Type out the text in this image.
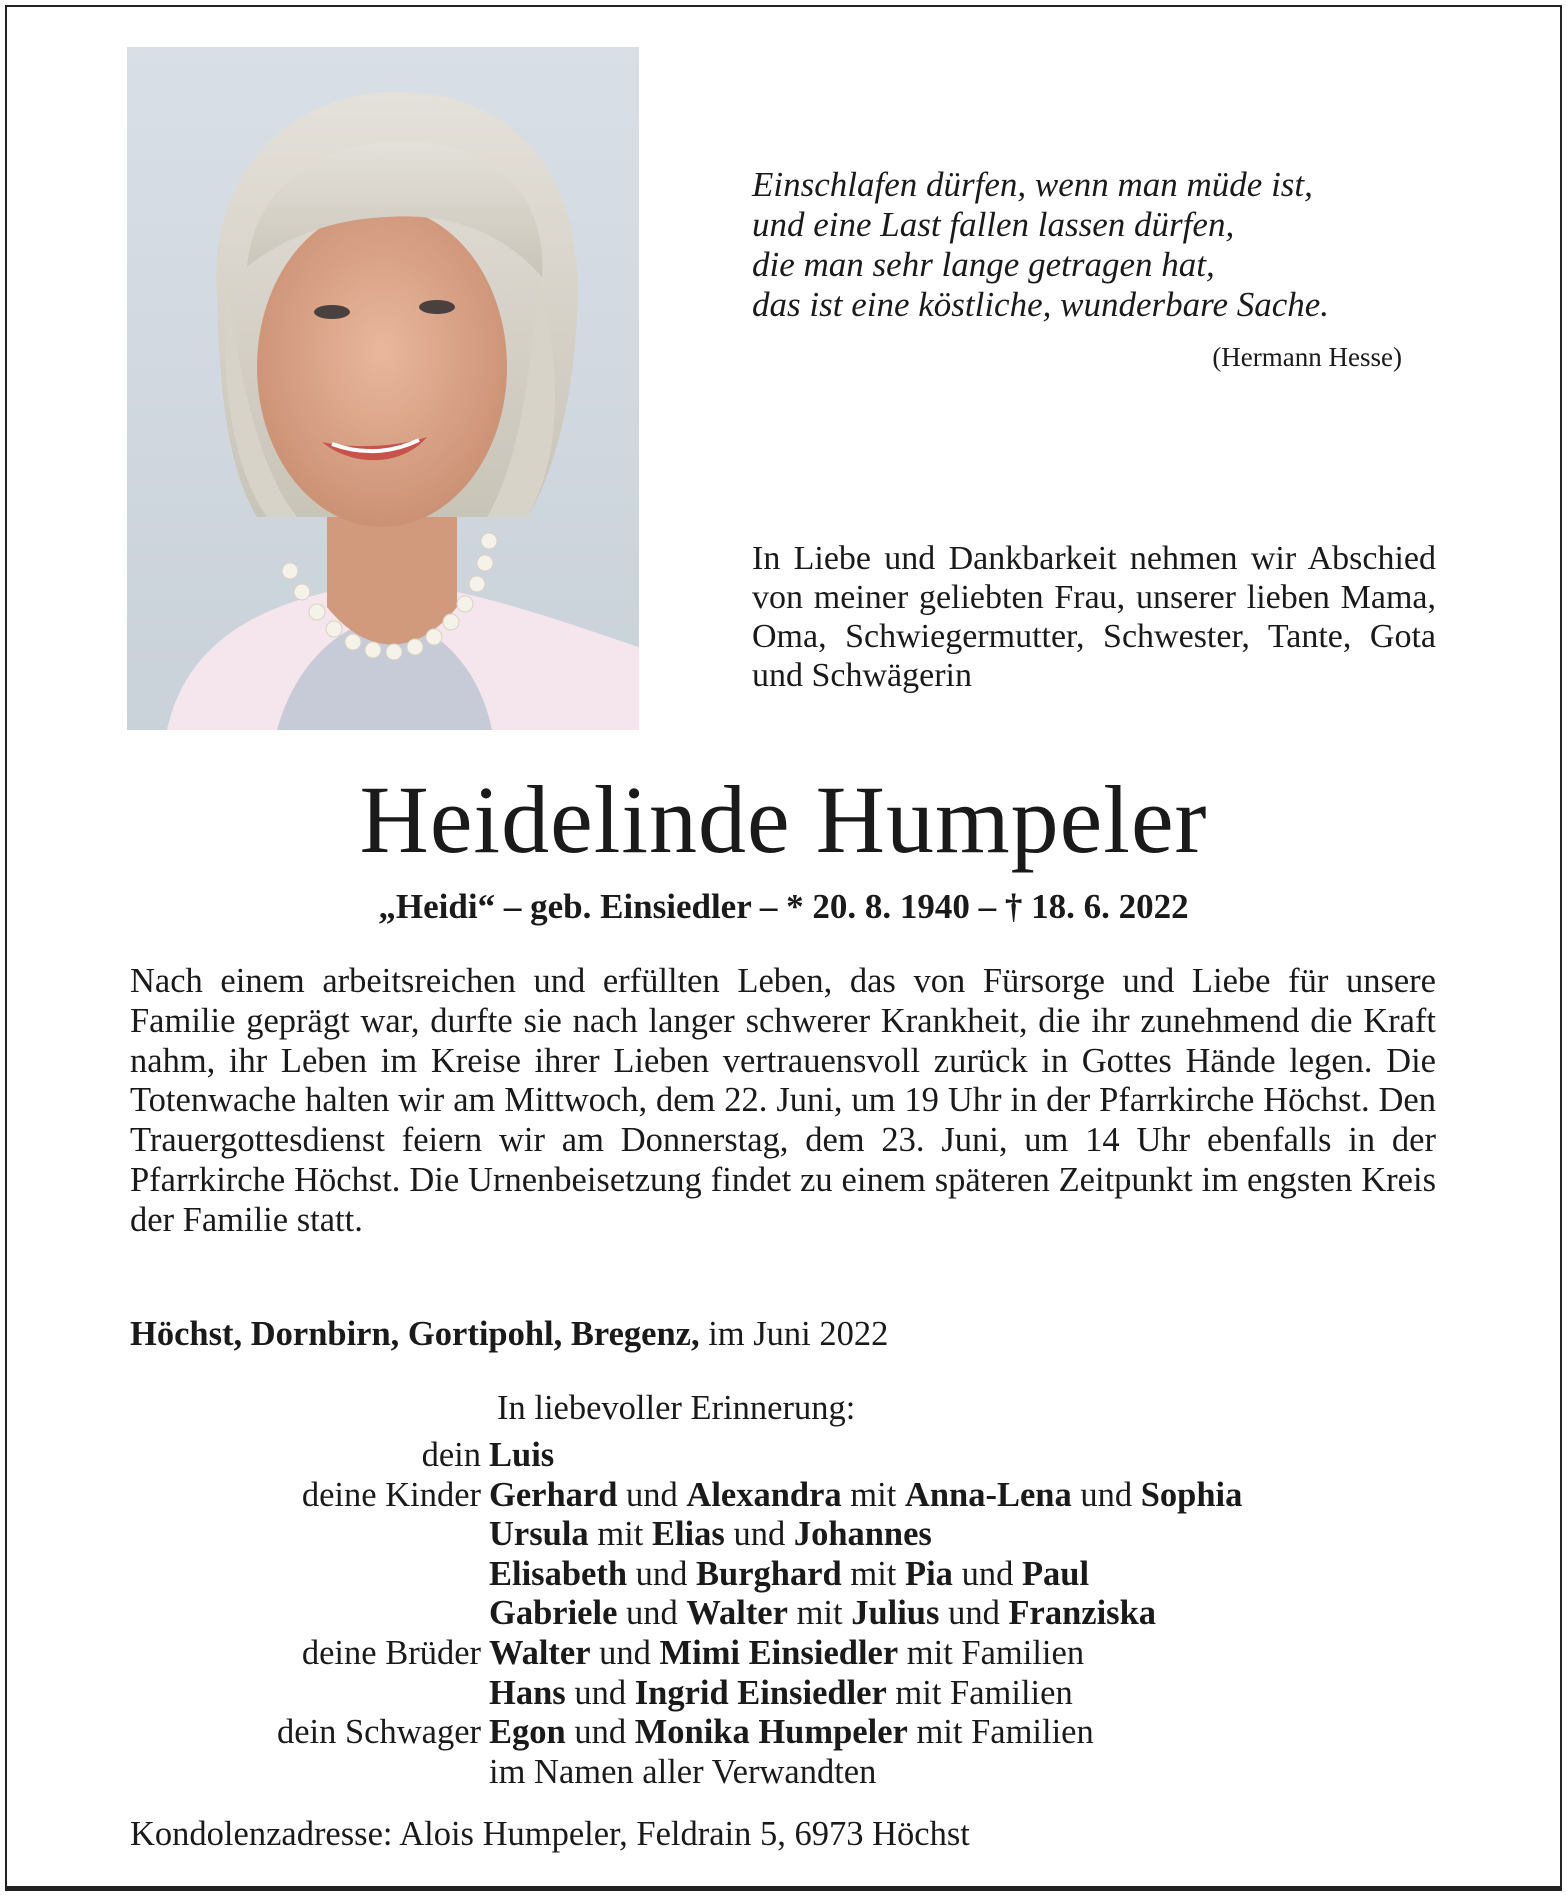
Einschlafen dürfen, wenn man müde ist,
und eine Last fallen lassen dürfen,
die man sehr lange getragen hat,
das ist eine köstliche, wunderbare Sache.
(Hermann Hesse)
In Liebe und Dankbarkeit nehmen wir Abschied von meiner geliebten Frau, unserer lieben Mama, Oma, Schwiegermutter, Schwester, Tante, Gota und Schwägerin
Heidelinde Humpeler
„Heidi“ – geb. Einsiedler – * 20. 8. 1940 – † 18. 6. 2022
Nach einem arbeitsreichen und erfüllten Leben, das von Fürsorge und Liebe für unsere Familie geprägt war, durfte sie nach langer schwerer Krankheit, die ihr zunehmend die Kraft nahm, ihr Leben im Kreise ihrer Lieben vertrauensvoll zurück in Gottes Hände legen. Die Totenwache halten wir am Mittwoch, dem 22. Juni, um 19 Uhr in der Pfarrkirche Höchst. Den Trauergottesdienst feiern wir am Donnerstag, dem 23. Juni, um 14 Uhr ebenfalls in der Pfarrkirche Höchst. Die Urnenbeisetzung findet zu einem späteren Zeitpunkt im engsten Kreis der Familie statt.
Höchst, Dornbirn, Gortipohl, Bregenz, im Juni 2022
In liebevoller Erinnerung:
dein Luis
deine Kinder Gerhard und Alexandra mit Anna-Lena und Sophia
Ursula mit Elias und Johannes
Elisabeth und Burghard mit Pia und Paul
Gabriele und Walter mit Julius und Franziska
deine Brüder Walter und Mimi Einsiedler mit Familien
Hans und Ingrid Einsiedler mit Familien
dein Schwager Egon und Monika Humpeler mit Familien
im Namen aller Verwandten
Kondolenzadresse: Alois Humpeler, Feldrain 5, 6973 Höchst
